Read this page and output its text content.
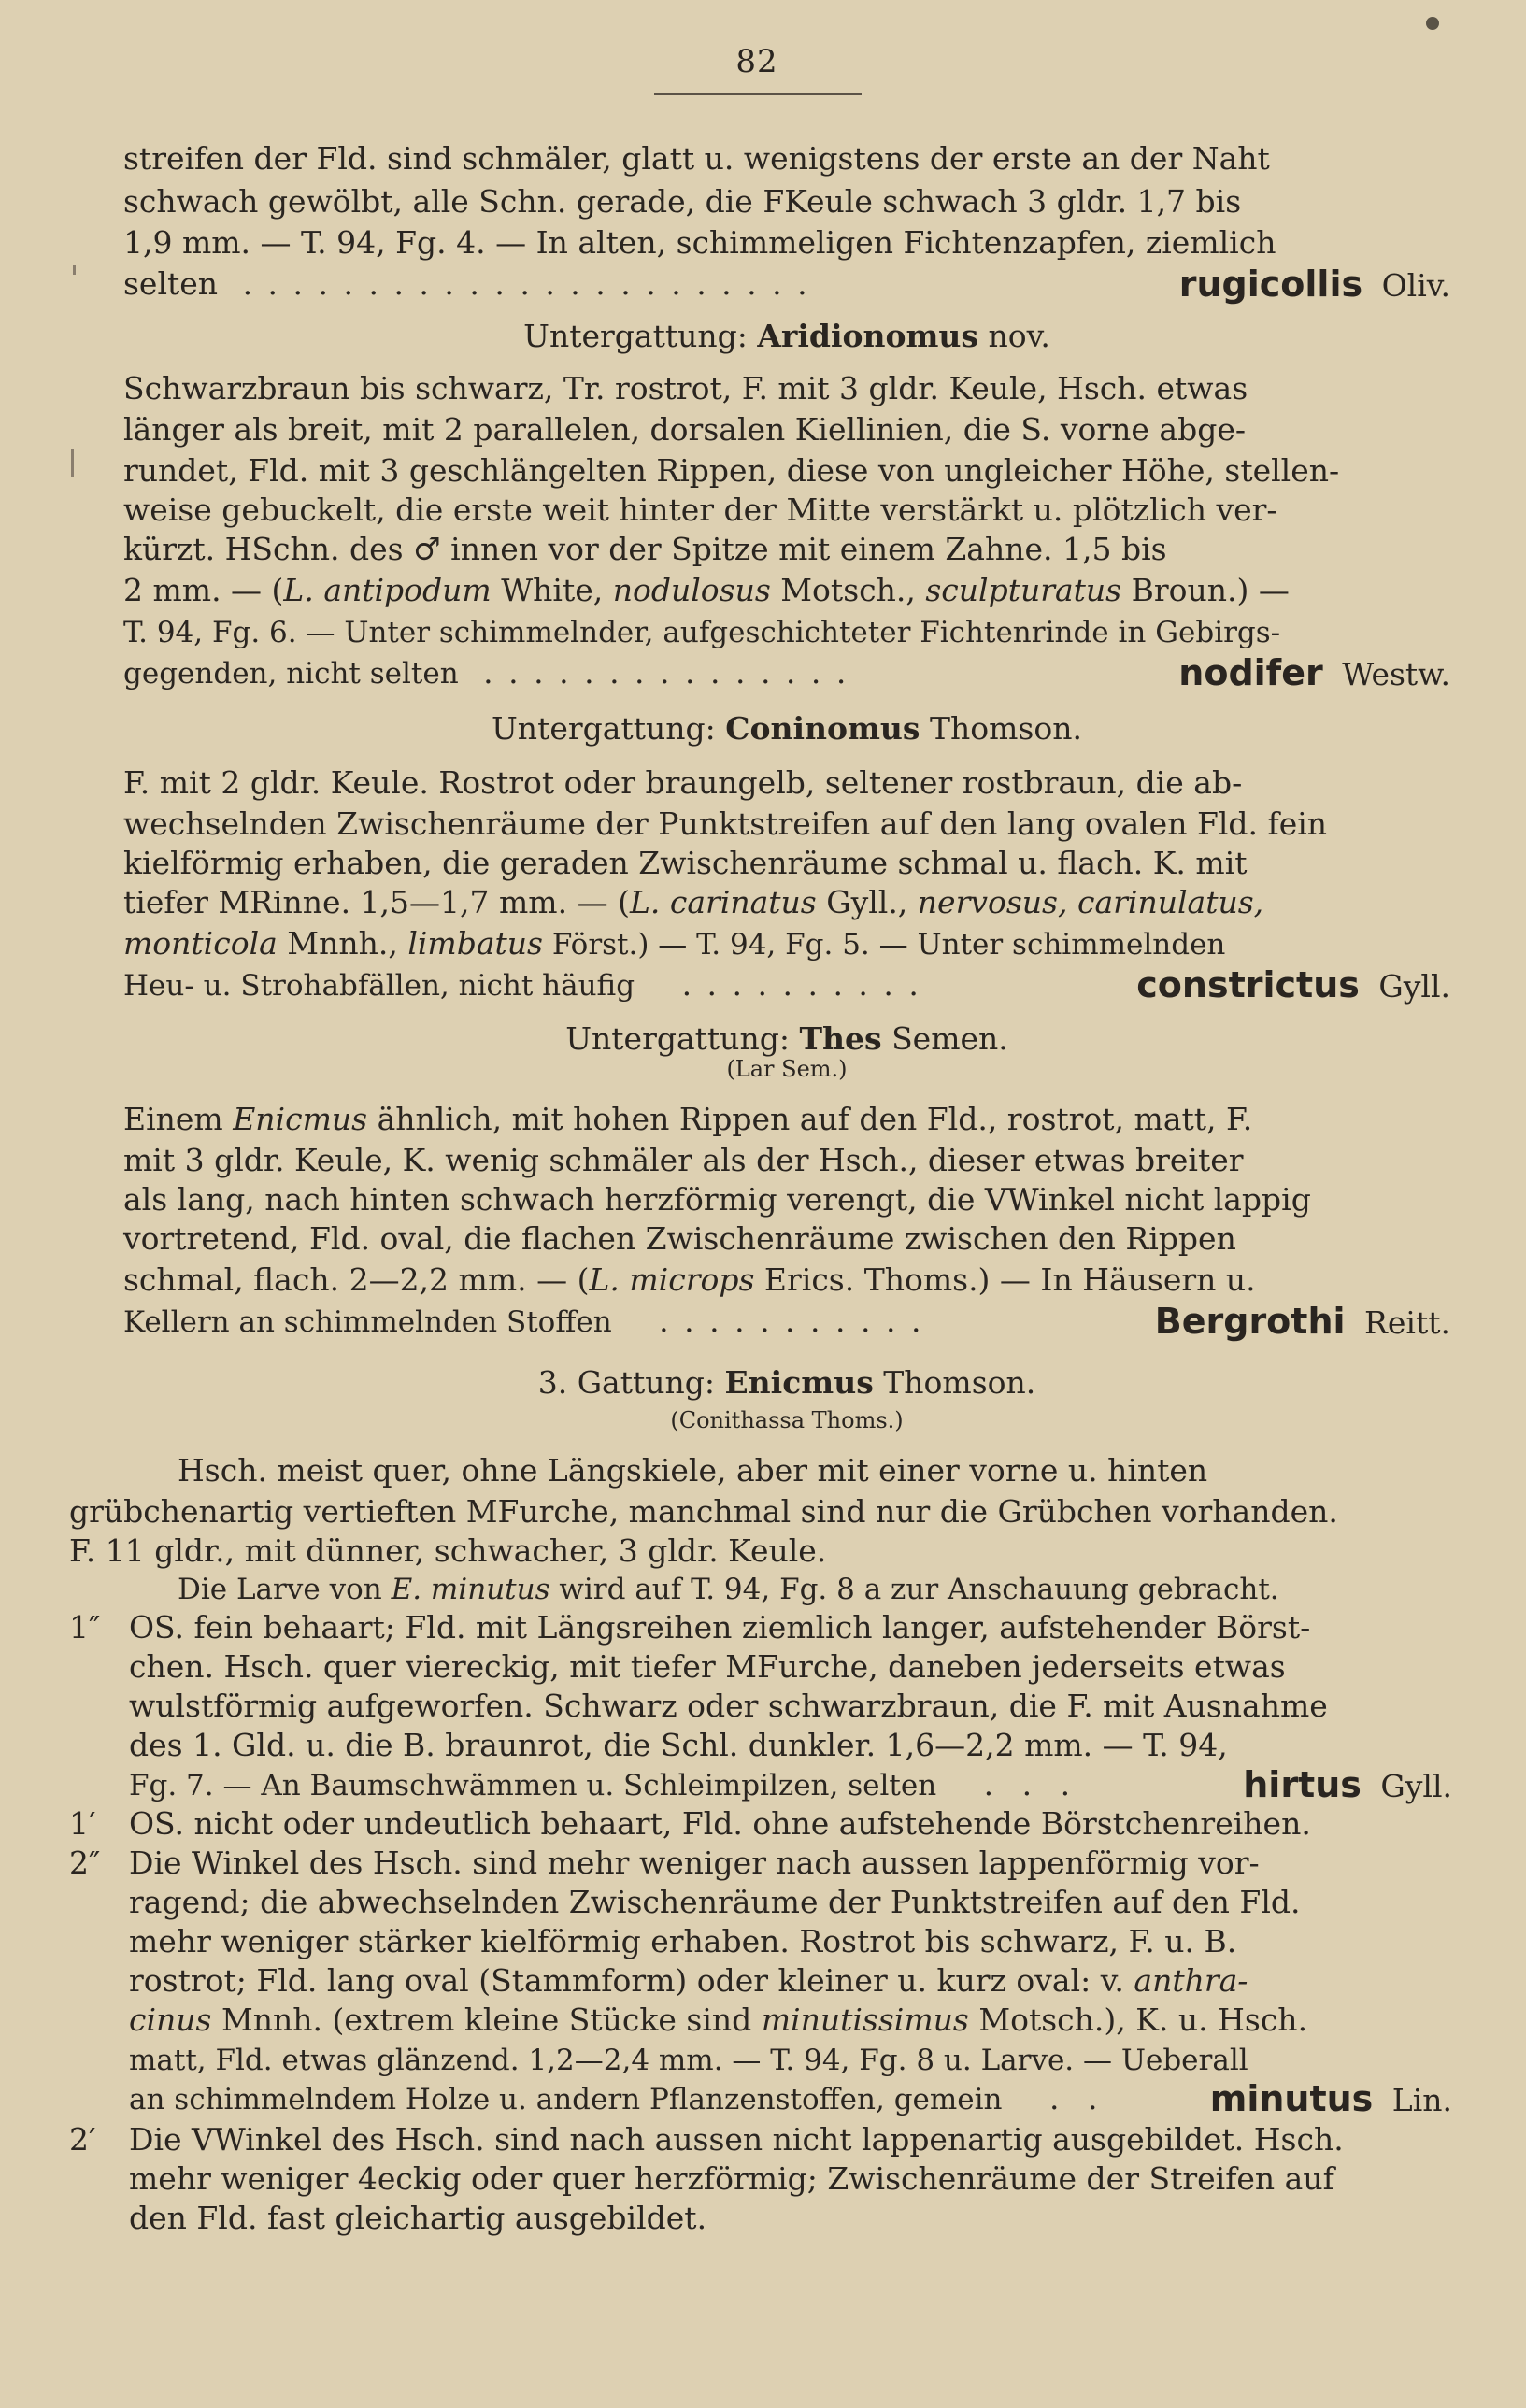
82
streifen der Fld. sind schmäler, glatt u. wenigstens der erste an der Naht
schwach gewölbt, alle Schn. gerade, die FKeule schwach 3 gldr. 1,7 bis
1,9 mm. — T. 94, Fg. 4. — In alten, schimmeligen Fichtenzapfen, ziemlich
selten . . . . . . . . . . . . . . . . . . . . . . .	rugicollis Oliv.
Untergattung: Aridionomus nov.
Schwarzbraun bis schwarz, Tr. rostrot, F. mit 3 gldr. Keule, Hsch. etwas
länger als breit, mit 2 parallelen, dorsalen Kiellinien, die S. vorne abge-
rundet, Fld. mit 3 geschlängelten Rippen, diese von ungleicher Höhe, stellen-
weise gebuckelt, die erste weit hinter der Mitte verstärkt u. plötzlich ver-
kürzt. HSchn. des ♂ innen vor der Spitze mit einem Zahne. 1,5 bis
2 mm. — (L. antipodum White, nodulosus Motsch., sculpturatus Broun.) —
T. 94, Fg. 6. — Unter schimmelnder, aufgeschichteter Fichtenrinde in Gebirgs-
gegenden, nicht selten . . . . . . . . . . . . . . .	nodifer Westw.
Untergattung: Coninomus Thomson.
F. mit 2 gldr. Keule. Rostrot oder braungelb, seltener rostbraun, die ab-
wechselnden Zwischenräume der Punktstreifen auf den lang ovalen Fld. fein
kielförmig erhaben, die geraden Zwischenräume schmal u. flach. K. mit
tiefer MRinne. 1,5—1,7 mm. — (L. carinatus Gyll., nervosus, carinulatus,
monticola Mnnh., limbatus Först.) — T. 94, Fg. 5. — Unter schimmelnden
Heu- u. Strohabfällen, nicht häufig . . . . . . . . . .	constrictus Gyll.
Untergattung: Thes Semen.
(Lar Sem.)
Einem Enicmus ähnlich, mit hohen Rippen auf den Fld., rostrot, matt, F.
mit 3 gldr. Keule, K. wenig schmäler als der Hsch., dieser etwas breiter
als lang, nach hinten schwach herzförmig verengt, die VWinkel nicht lappig
vortretend, Fld. oval, die flachen Zwischenräume zwischen den Rippen
schmal, flach. 2—2,2 mm. — (L. microps Erics. Thoms.) — In Häusern u.
Kellern an schimmelnden Stoffen . . . . . . . . . . .	Bergrothi Reitt.
3. Gattung: Enicmus Thomson.
(Conithassa Thoms.)
Hsch. meist quer, ohne Längskiele, aber mit einer vorne u. hinten
grübchenartig vertieften MFurche, manchmal sind nur die Grübchen vorhanden.
F. 11 gldr., mit dünner, schwacher, 3 gldr. Keule.
Die Larve von E. minutus wird auf T. 94, Fg. 8 a zur Anschauung gebracht.
1″ OS. fein behaart; Fld. mit Längsreihen ziemlich langer, aufstehender Börst-
chen. Hsch. quer viereckig, mit tiefer MFurche, daneben jederseits etwas
wulstförmig aufgeworfen. Schwarz oder schwarzbraun, die F. mit Ausnahme
des 1. Gld. u. die B. braunrot, die Schl. dunkler. 1,6—2,2 mm. — T. 94,
Fg. 7. — An Baumschwämmen u. Schleimpilzen, selten . . .	hirtus Gyll.
1′ OS. nicht oder undeutlich behaart, Fld. ohne aufstehende Börstchenreihen.
2″ Die Winkel des Hsch. sind mehr weniger nach aussen lappenförmig vor-
ragend; die abwechselnden Zwischenräume der Punktstreifen auf den Fld.
mehr weniger stärker kielförmig erhaben. Rostrot bis schwarz, F. u. B.
rostrot; Fld. lang oval (Stammform) oder kleiner u. kurz oval: v. anthra-
cinus Mnnh. (extrem kleine Stücke sind minutissimus Motsch.), K. u. Hsch.
matt, Fld. etwas glänzend. 1,2—2,4 mm. — T. 94, Fg. 8 u. Larve. — Ueberall
an schimmelndem Holze u. andern Pflanzenstoffen, gemein . .	minutus Lin.
2′ Die VWinkel des Hsch. sind nach aussen nicht lappenartig ausgebildet. Hsch.
mehr weniger 4eckig oder quer herzförmig; Zwischenräume der Streifen auf
den Fld. fast gleichartig ausgebildet.
